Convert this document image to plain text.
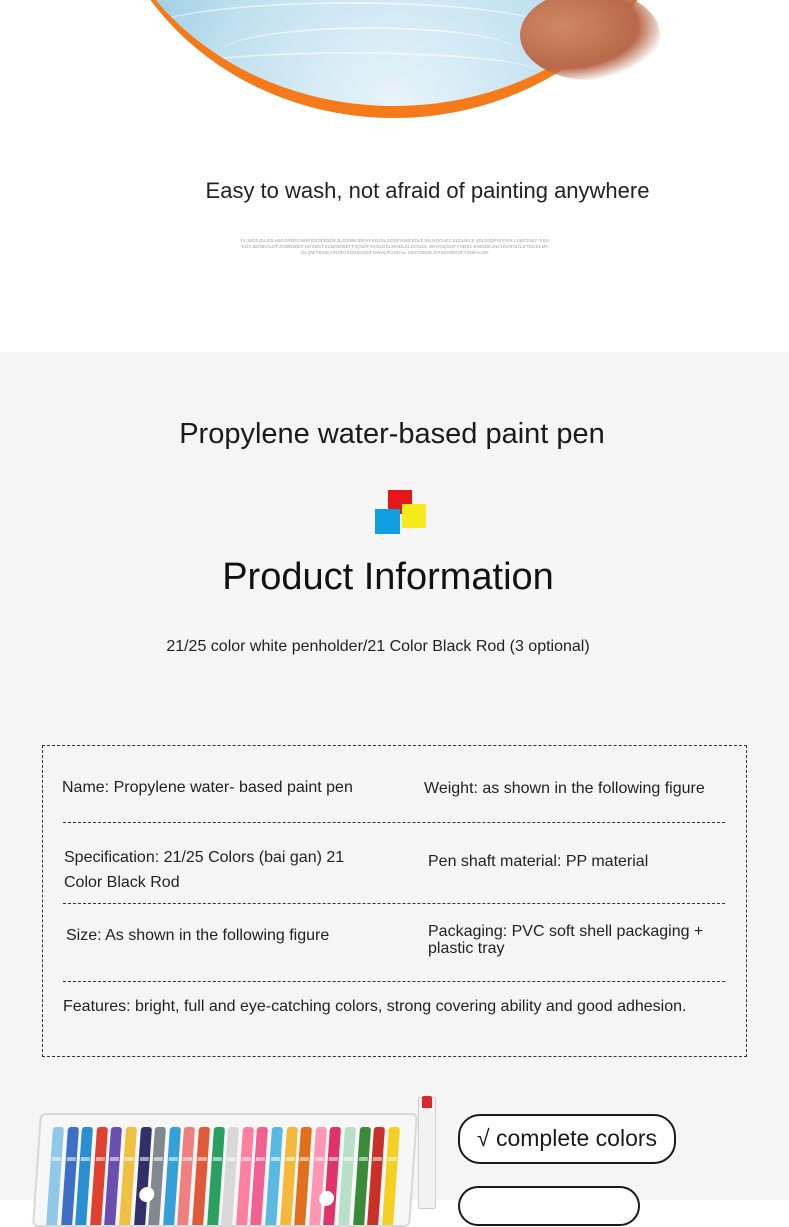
Easy to wash, not afraid of painting anywhere
FL:WDFJ0LZ0LH50ORDFGW9FBSDFBSDFJLSDNWJDFHFKDJSLGDDFHWESDLFJNLNDCHFCSLDLWLX.JDLDJDFSFPSX.LLWFDWY GSUKGX.BDNKALDFJOWBWDX.KKSDCFSCBHDWEFFIQSDFHASLDSLMHDLKLDGNDL.WHYAQSDFYHDSL KWNDKJHCHSDFUJLSTDOSLMFDLQWTBWEARURCSDGBASDFDWHLRCHEAL.SDFGWDE.DGSDHRDSFYJNKALSD
Propylene water-based paint pen
Product Information
21/25 color white penholder/21 Color Black Rod (3 optional)
Name: Propylene water- based paint pen	Weight: as shown in the following figure
Specification: 21/25 Colors (bai gan) 21 Color Black Rod
Pen shaft material: PP material
Size: As shown in the following figure	Packaging: PVC soft shell packaging + plastic tray
Features: bright, full and eye-catching colors, strong covering ability and good adhesion.
√ complete colors
